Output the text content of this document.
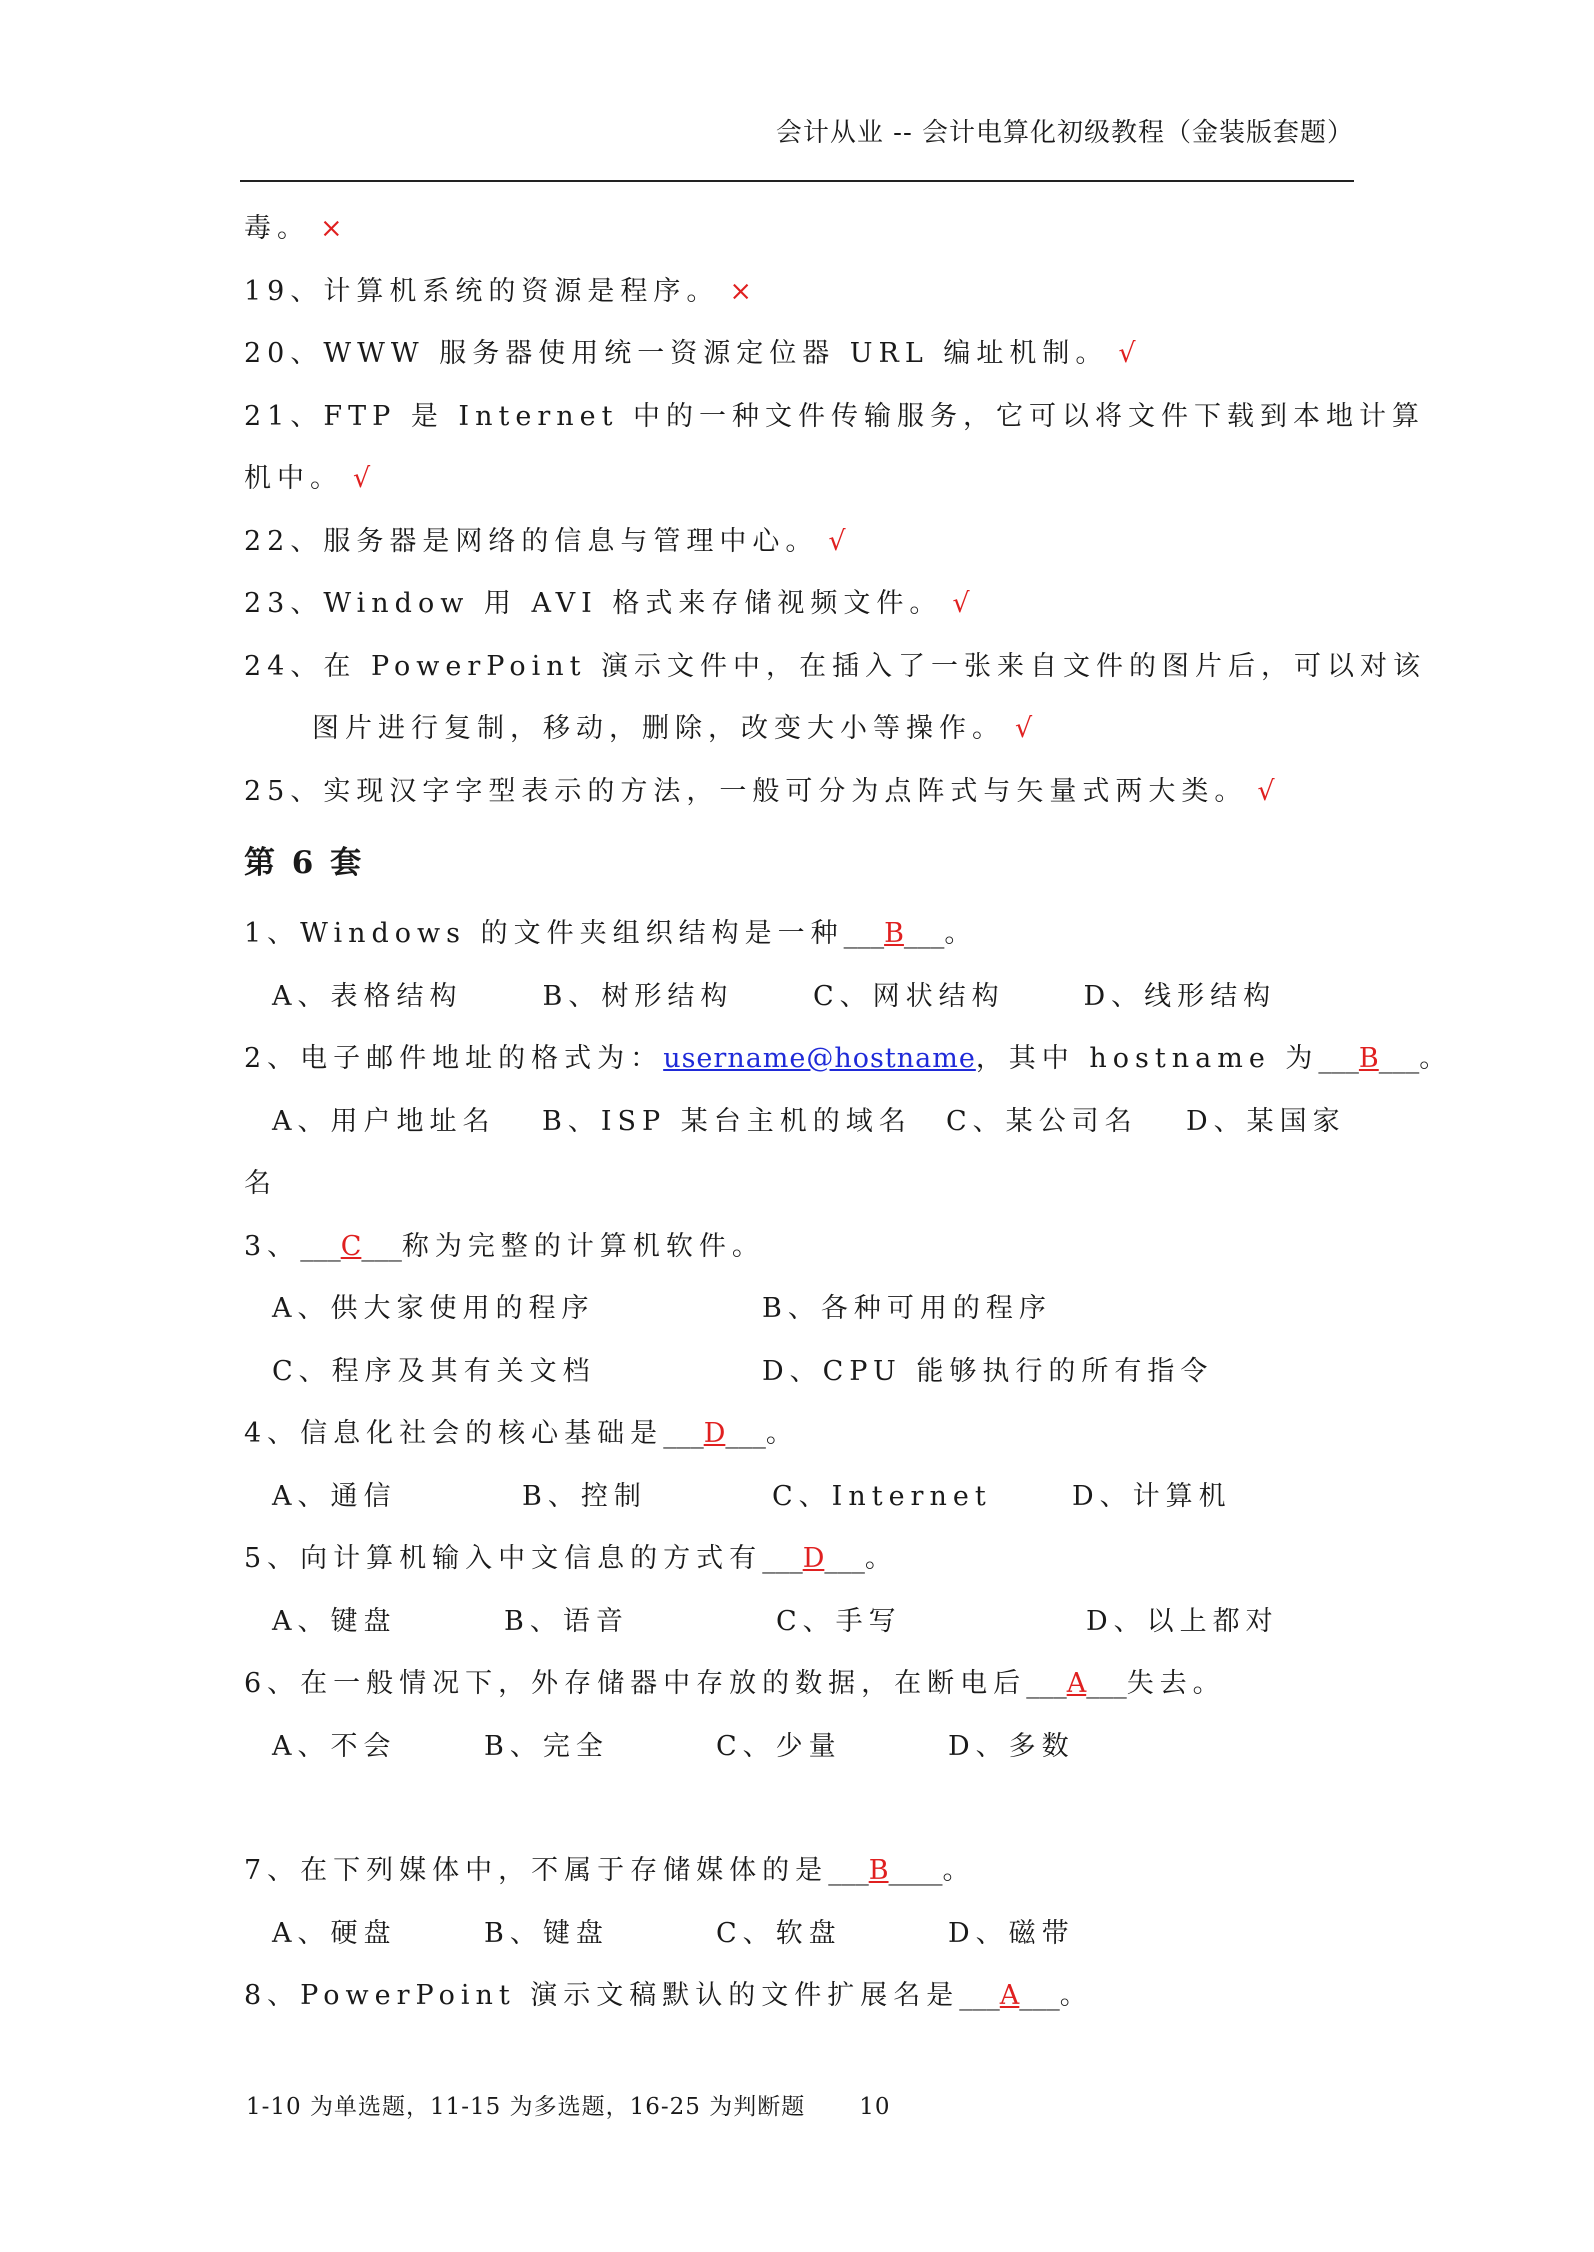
会计从业 -- 会计电算化初级教程（金装版套题）
毒。 ×
19、计算机系统的资源是程序。 ×
20、WWW 服务器使用统一资源定位器 URL 编址机制。 √
21、FTP 是 Internet 中的一种文件传输服务，它可以将文件下载到本地计算
机中。 √
22、服务器是网络的信息与管理中心。 √
23、Window 用 AVI 格式来存储视频文件。 √
24、在 PowerPoint 演示文件中，在插入了一张来自文件的图片后，可以对该
图片进行复制，移动，删除，改变大小等操作。 √
25、实现汉字字型表示的方法，一般可分为点阵式与矢量式两大类。 √
第 6 套
1、Windows 的文件夹组织结构是一种___B___。
A、表格结构	B、树形结构	C、网状结构	D、线形结构
2、电子邮件地址的格式为：username@hostname，其中 hostname 为___B___。
A、用户地址名	B、ISP 某台主机的域名	C、某公司名	D、某国家
名
3、___C___称为完整的计算机软件。
A、供大家使用的程序	B、各种可用的程序
C、程序及其有关文档	D、CPU 能够执行的所有指令
4、信息化社会的核心基础是___D___。
A、通信	B、控制	C、Internet	D、计算机
5、向计算机输入中文信息的方式有___D___。
A、键盘	B、语音	C、手写	D、以上都对
6、在一般情况下，外存储器中存放的数据，在断电后___A___失去。
A、不会	B、完全	C、少量	D、多数
7、在下列媒体中，不属于存储媒体的是___B____。
A、硬盘	B、键盘	C、软盘	D、磁带
8、PowerPoint 演示文稿默认的文件扩展名是___A___。
1-10 为单选题，11-15 为多选题，16-25 为判断题 10
